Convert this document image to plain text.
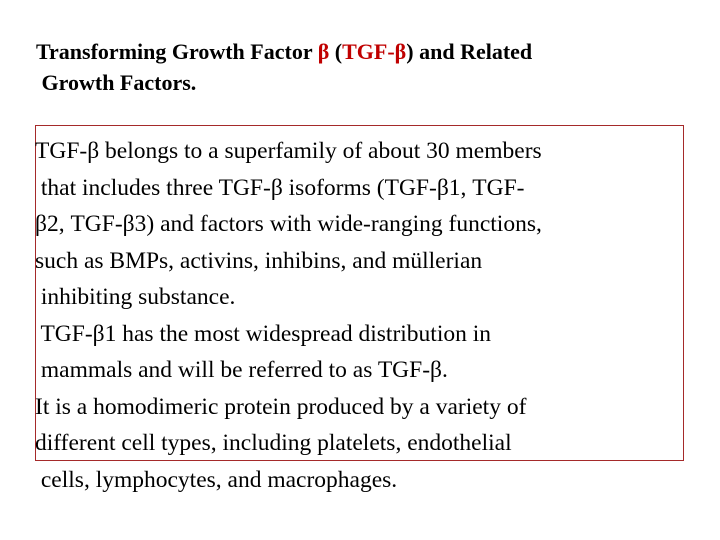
Transforming Growth Factor β (TGF-β) and Related
Growth Factors.
TGF-β belongs to a superfamily of about 30 members
that includes three TGF-β isoforms (TGF-β1, TGF-
β2, TGF-β3) and factors with wide-ranging functions,
such as BMPs, activins, inhibins, and müllerian
inhibiting substance.
TGF-β1 has the most widespread distribution in
mammals and will be referred to as TGF-β.
It is a homodimeric protein produced by a variety of
different cell types, including platelets, endothelial
cells, lymphocytes, and macrophages.
